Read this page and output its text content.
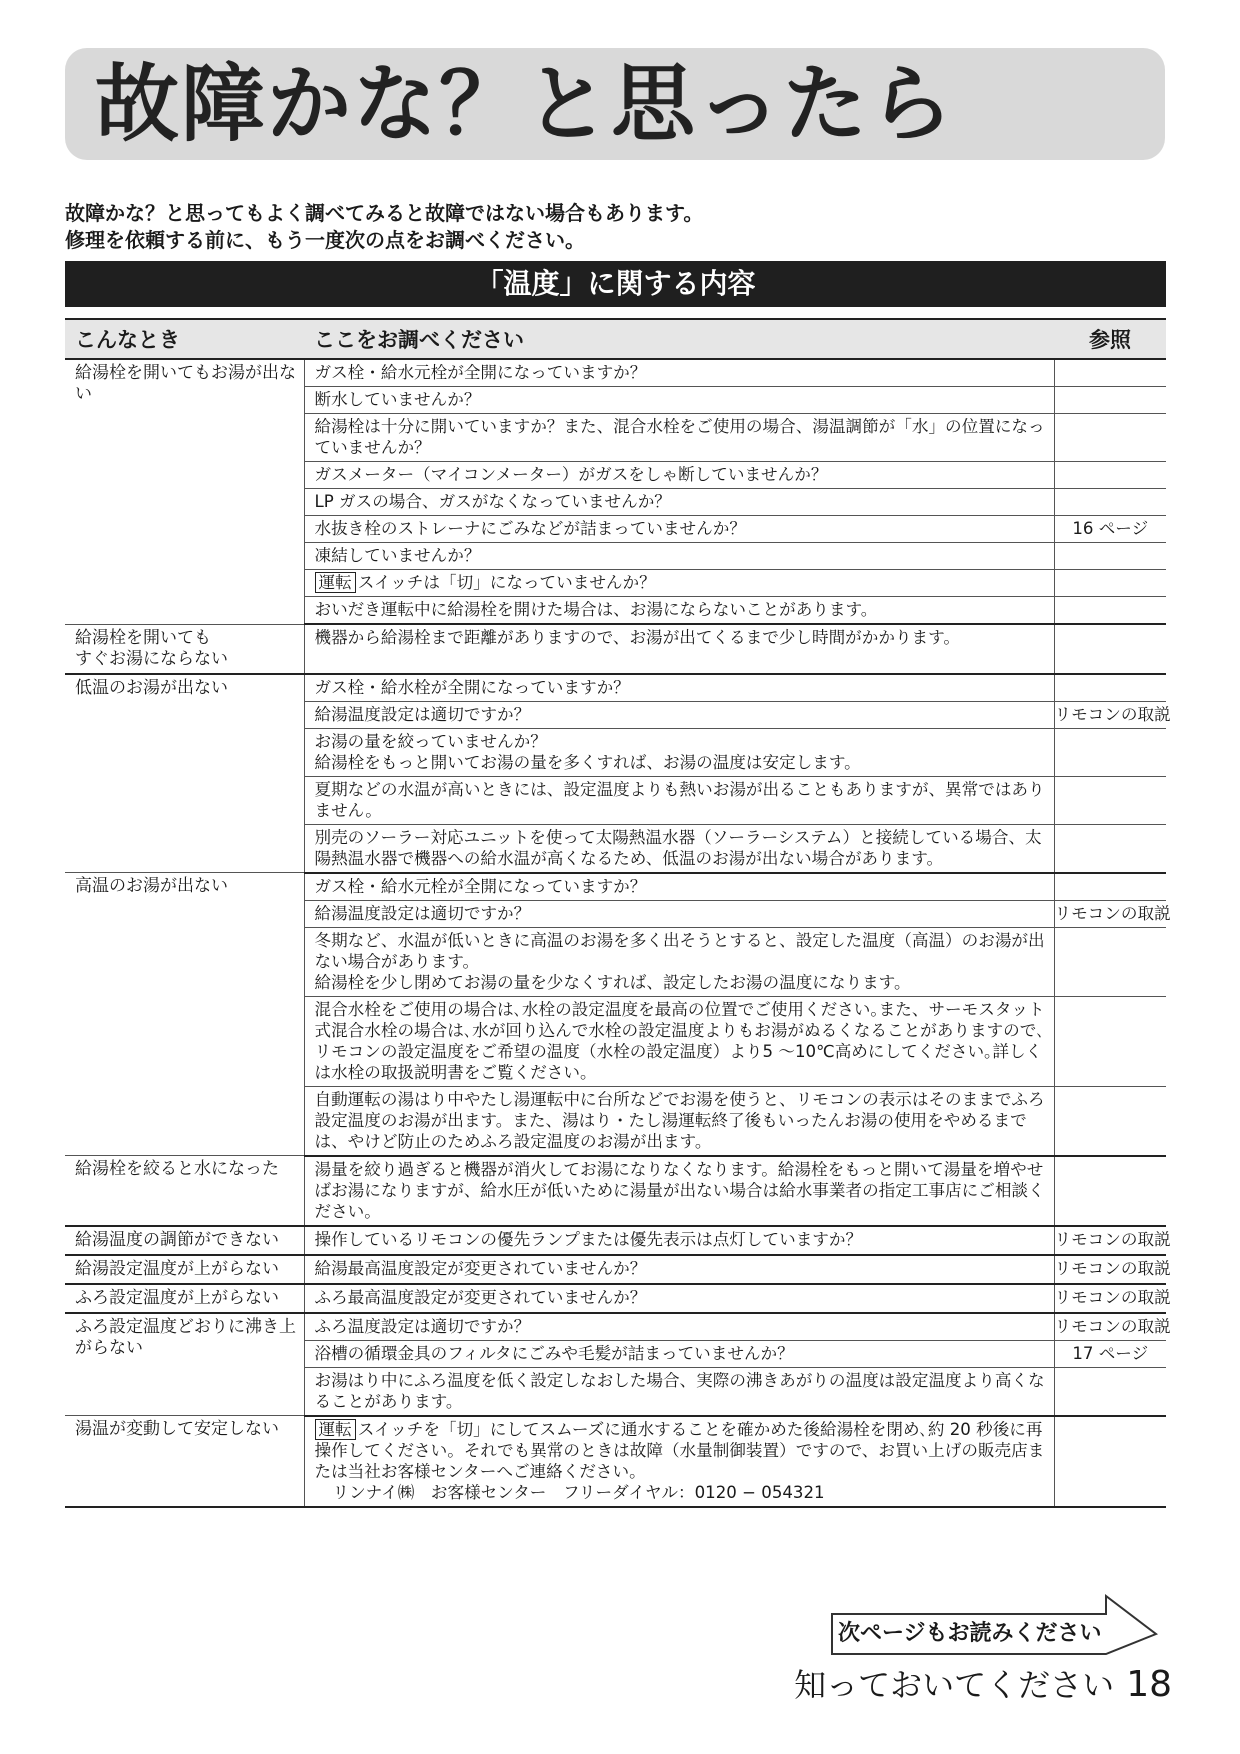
故障かな？と思ったら
故障かな？と思ってもよく調べてみると故障ではない場合もあります。
修理を依頼する前に、もう一度次の点をお調べください。
「温度」に関する内容
こんなとき	ここをお調べください	参照
給湯栓を開いてもお湯が出ない	ガス栓・給水元栓が全開になっていますか？	
	断水していませんか？	
	給湯栓は十分に開いていますか？また、混合水栓をご使用の場合、湯温調節が「水」の位置になっていませんか？	
	ガスメーター（マイコンメーター）がガスをしゃ断していませんか？	
	LP ガスの場合、ガスがなくなっていませんか？	
	水抜き栓のストレーナにごみなどが詰まっていませんか？	16 ページ
	凍結していませんか？	
	運転 スイッチは「切」になっていませんか？	
	おいだき運転中に給湯栓を開けた場合は、お湯にならないことがあります。	
給湯栓を開いても
すぐお湯にならない	機器から給湯栓まで距離がありますので、お湯が出てくるまで少し時間がかかります。	
低温のお湯が出ない	ガス栓・給水栓が全開になっていますか？	
	給湯温度設定は適切ですか？	リモコンの取説
	お湯の量を絞っていませんか？
給湯栓をもっと開いてお湯の量を多くすれば、お湯の温度は安定します。	
	夏期などの水温が高いときには、設定温度よりも熱いお湯が出ることもありますが、異常ではありません。	
	別売のソーラー対応ユニットを使って太陽熱温水器（ソーラーシステム）と接続している場合、太陽熱温水器で機器への給水温が高くなるため、低温のお湯が出ない場合があります。	
高温のお湯が出ない	ガス栓・給水元栓が全開になっていますか？	
	給湯温度設定は適切ですか？	リモコンの取説
	冬期など、水温が低いときに高温のお湯を多く出そうとすると、設定した温度（高温）のお湯が出ない場合があります。
給湯栓を少し閉めてお湯の量を少なくすれば、設定したお湯の温度になります。	
	混合水栓をご使用の場合は､水栓の設定温度を最高の位置でご使用ください｡また、サーモスタット式混合水栓の場合は､水が回り込んで水栓の設定温度よりもお湯がぬるくなることがありますので､リモコンの設定温度をご希望の温度（水栓の設定温度）より5 〜10℃高めにしてください｡詳しくは水栓の取扱説明書をご覧ください｡	
	自動運転の湯はり中やたし湯運転中に台所などでお湯を使うと、リモコンの表示はそのままでふろ設定温度のお湯が出ます。また、湯はり・たし湯運転終了後もいったんお湯の使用をやめるまでは、やけど防止のためふろ設定温度のお湯が出ます。	
給湯栓を絞ると水になった	湯量を絞り過ぎると機器が消火してお湯になりなくなります。給湯栓をもっと開いて湯量を増やせばお湯になりますが、給水圧が低いために湯量が出ない場合は給水事業者の指定工事店にご相談ください。	
給湯温度の調節ができない	操作しているリモコンの優先ランプまたは優先表示は点灯していますか？	リモコンの取説
給湯設定温度が上がらない	給湯最高温度設定が変更されていませんか？	リモコンの取説
ふろ設定温度が上がらない	ふろ最高温度設定が変更されていませんか？	リモコンの取説
ふろ設定温度どおりに沸き上がらない	ふろ温度設定は適切ですか？	リモコンの取説
	浴槽の循環金具のフィルタにごみや毛髪が詰まっていませんか？	17 ページ
	お湯はり中にふろ温度を低く設定しなおした場合、実際の沸きあがりの温度は設定温度より高くなることがあります。	
湯温が変動して安定しない	運転 スイッチを「切」にしてスムーズに通水することを確かめた後給湯栓を閉め､約 20 秒後に再操作してください。それでも異常のときは故障（水量制御装置）ですので、お買い上げの販売店または当社お客様センターへご連絡ください。
リンナイ㈱　お客様センター　フリーダイヤル：0120 − 054321	

次ページもお読みください
知っておいてください 18
